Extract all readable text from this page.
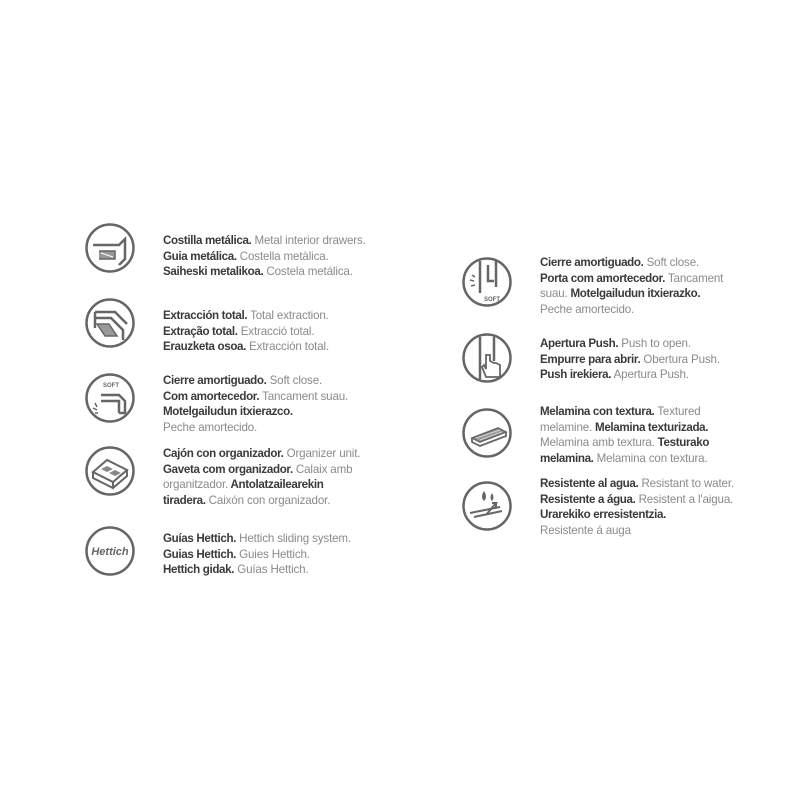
Costilla metálica. Metal interior drawers.
Guia metálica. Costella metàlica.
Saiheski metalikoa. Costela metálica.
Extracción total. Total extraction.
Extração total. Extracció total.
Erauzketa osoa. Extracción total.
SOFT	Cierre amortiguado. Soft close.
Com amortecedor. Tancament suau.
Motelgailudun itxierazco.
Peche amortecido.
Cajón con organizador. Organizer unit.
Gaveta com organizador. Calaix amb
organitzador. Antolatzailearekin
tiradera. Caixón con organizador.
Hettich
Guías Hettich. Hettich sliding system.
Guias Hettich. Guies Hettich.
Hettich gidak. Guías Hettich.
SOFT
Cierre amortiguado. Soft close.
Porta com amortecedor. Tancament
suau. Motelgailudun itxierazko.
Peche amortecido.
Apertura Push. Push to open.
Empurre para abrir. Obertura Push.
Push irekiera. Apertura Push.
Melamina con textura. Textured
melamine. Melamina texturizada.
Melamina amb textura. Testurako
melamina. Melamina con textura.
Resistente al agua. Resistant to water.
Resistente a água. Resistent a l'aigua.
Urarekiko erresistentzia.
Resistente á auga
